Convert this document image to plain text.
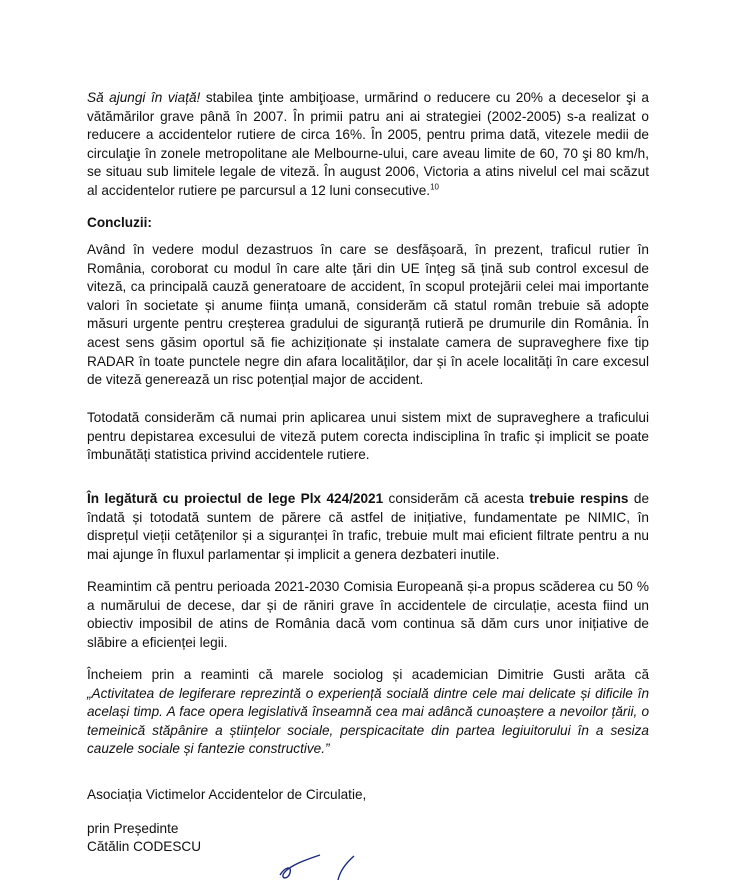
Să ajungi în viață! stabilea ţinte ambiţioase, urmărind o reducere cu 20% a deceselor şi a vătămărilor grave până în 2007. În primii patru ani ai strategiei (2002-2005) s-a realizat o reducere a accidentelor rutiere de circa 16%. În 2005, pentru prima dată, vitezele medii de circulaţie în zonele metropolitane ale Melbourne-ului, care aveau limite de 60, 70 şi 80 km/h, se situau sub limitele legale de viteză. În august 2006, Victoria a atins nivelul cel mai scăzut al accidentelor rutiere pe parcursul a 12 luni consecutive.$^{10}$

Concluzii:

Având în vedere modul dezastruos în care se desfășoară, în prezent, traficul rutier în România, coroborat cu modul în care alte țări din UE înțeg să țină sub control excesul de viteză, ca principală cauză generatoare de accident, în scopul protejării celei mai importante valori în societate și anume ființa umană, considerăm că statul român trebuie să adopte măsuri urgente pentru creșterea gradului de siguranță rutieră pe drumurile din România. În acest sens găsim oportul să fie achiziționate și instalate camera de supraveghere fixe tip RADAR în toate punctele negre din afara localităților, dar și în acele localități în care excesul de viteză generează un risc potențial major de accident.

Totodată considerăm că numai prin aplicarea unui sistem mixt de supraveghere a traficului pentru depistarea excesului de viteză putem corecta indisciplina în trafic și implicit se poate îmbunătăți statistica privind accidentele rutiere.

În legătură cu proiectul de lege Plx 424/2021 considerăm că acesta trebuie respins de îndată și totodată suntem de părere că astfel de inițiative, fundamentate pe NIMIC, în disprețul vieții cetățenilor și a siguranței în trafic, trebuie mult mai eficient filtrate pentru a nu mai ajunge în fluxul parlamentar și implicit a genera dezbateri inutile.

Reamintim că pentru perioada 2021-2030 Comisia Europeană și-a propus scăderea cu 50 % a numărului de decese, dar și de răniri grave în accidentele de circulație, acesta fiind un obiectiv imposibil de atins de România dacă vom continua să dăm curs unor inițiative de slăbire a eficienței legii.

Încheiem prin a reaminti că marele sociolog și academician Dimitrie Gusti arăta că „Activitatea de legiferare reprezintă o experiență socială dintre cele mai delicate și dificile în același timp. A face opera legislativă înseamnă cea mai adâncă cunoaștere a nevoilor țării, o temeinică stăpânire a științelor sociale, perspicacitate din partea legiuitorului în a sesiza cauzele sociale și fantezie constructive.”

Asociația Victimelor Accidentelor de Circulatie,

prin Președinte

Cătălin CODESCU
